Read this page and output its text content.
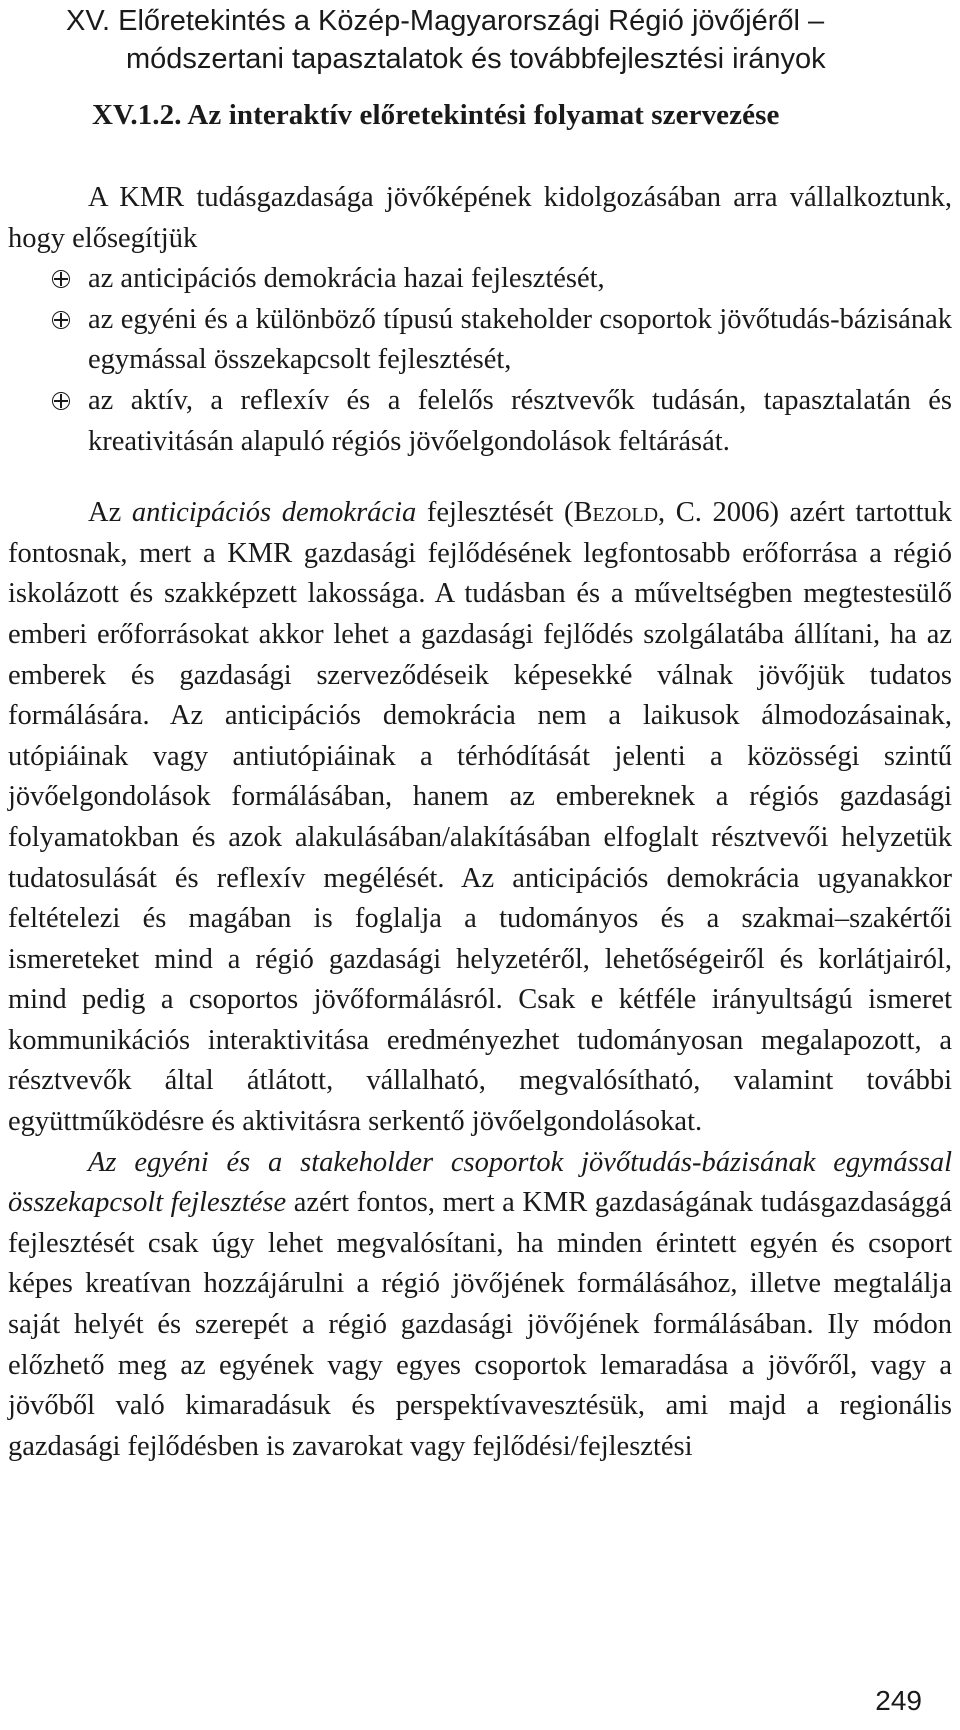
XV. Előretekintés a Közép-Magyarországi Régió jövőjéről –
módszertani tapasztalatok és továbbfejlesztési irányok
XV.1.2. Az interaktív előretekintési folyamat szervezése

A KMR tudásgazdasága jövőképének kidolgozásában arra vállalkoztunk, hogy elősegítjük

az anticipációs demokrácia hazai fejlesztését,
az egyéni és a különböző típusú stakeholder csoportok jövőtudás-bázisának egymással összekapcsolt fejlesztését,
az aktív, a reflexív és a felelős résztvevők tudásán, tapasztalatán és kreativitásán alapuló régiós jövőelgondolások feltárását.

Az anticipációs demokrácia fejlesztését (Bezold, C. 2006) azért tartottuk fontosnak, mert a KMR gazdasági fejlődésének legfontosabb erőforrása a régió iskolázott és szakképzett lakossága. A tudásban és a műveltségben megtestesülő emberi erőforrásokat akkor lehet a gazdasági fejlődés szolgálatába állítani, ha az emberek és gazdasági szerveződéseik képesekké válnak jövőjük tudatos formálására. Az anticipációs demokrácia nem a laikusok álmodozásainak, utópiáinak vagy antiutópiáinak a térhódítását jelenti a közösségi szintű jövőelgondolások formálásában, hanem az embereknek a régiós gazdasági folyamatokban és azok alakulásában/alakításában elfoglalt résztvevői helyzetük tudatosulását és reflexív megélését. Az anticipációs demokrácia ugyanakkor feltételezi és magában is foglalja a tudományos és a szakmai–szakértői ismereteket mind a régió gazdasági helyzetéről, lehetőségeiről és korlátjairól, mind pedig a csoportos jövőformálásról. Csak e kétféle irányultságú ismeret kommunikációs interaktivitása eredményezhet tudományosan megalapozott, a résztvevők által átlátott, vállalható, megvalósítható, valamint további együttműködésre és aktivitásra serkentő jövőelgondolásokat.

Az egyéni és a stakeholder csoportok jövőtudás-bázisának egymással összekapcsolt fejlesztése azért fontos, mert a KMR gazdaságának tudásgazdasággá fejlesztését csak úgy lehet megvalósítani, ha minden érintett egyén és csoport képes kreatívan hozzájárulni a régió jövőjének formálásához, illetve megtalálja saját helyét és szerepét a régió gazdasági jövőjének formálásában. Ily módon előzhető meg az egyének vagy egyes csoportok lemaradása a jövőről, vagy a jövőből való kimaradásuk és perspektívavesztésük, ami majd a regionális gazdasági fejlődésben is zavarokat vagy fejlődési/fejlesztési

249
